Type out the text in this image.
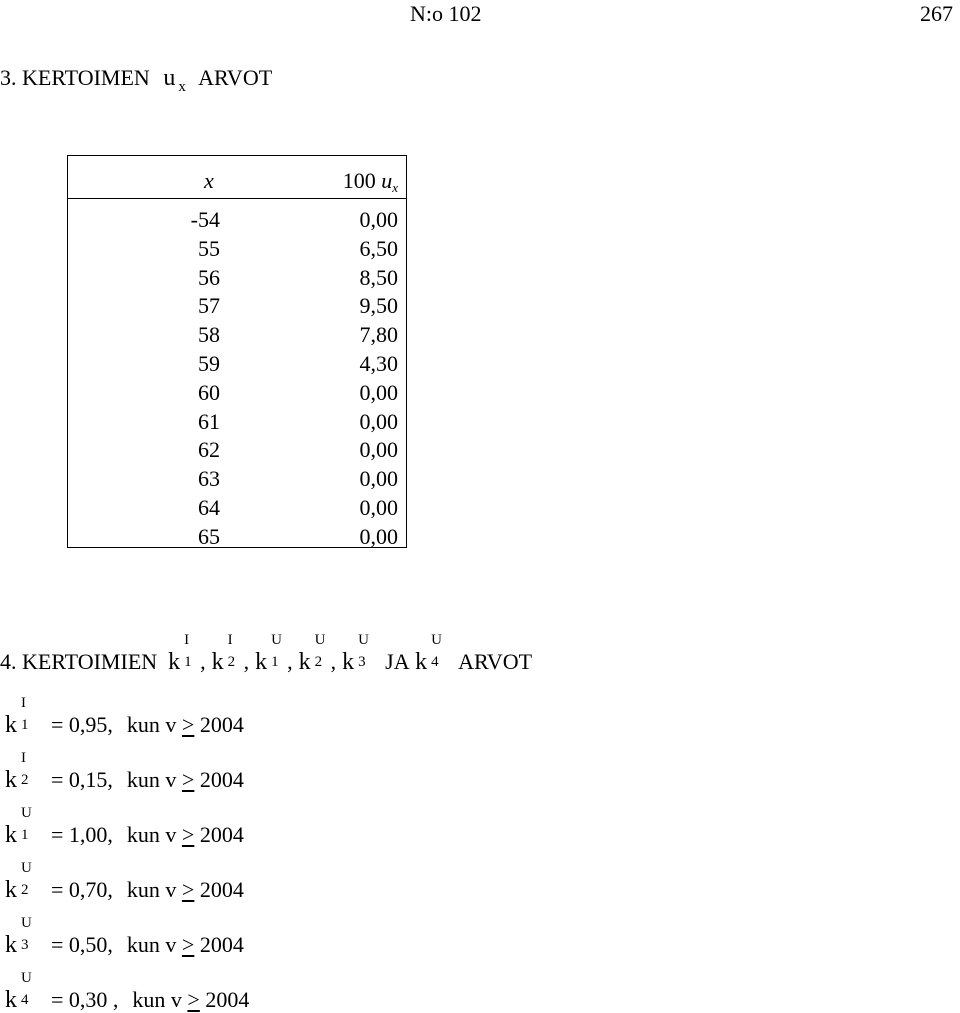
N:o 102	267
3. KERTOIMEN u $_x$ ARVOT
x	100 ux
-54	0,00
55	6,50
56	8,50
57	9,50
58	7,80
59	4,30
60	0,00
61	0,00
62	0,00
63	0,00
64	0,00
65	0,00
4. KERTOIMIEN k
I
1 , k
I
2 , k
U
1 , k
U
2 , k
U
3 JA k
U
4 ARVOT
k
I
1 = 0,95, kun v ≥ 2004
k
I
2 = 0,15, kun v ≥ 2004
k
U
1 = 1,00, kun v ≥ 2004
k
U
2 = 0,70, kun v ≥ 2004
k
U
3 = 0,50, kun v ≥ 2004
k
U
4 = 0,30 , kun v ≥ 2004
